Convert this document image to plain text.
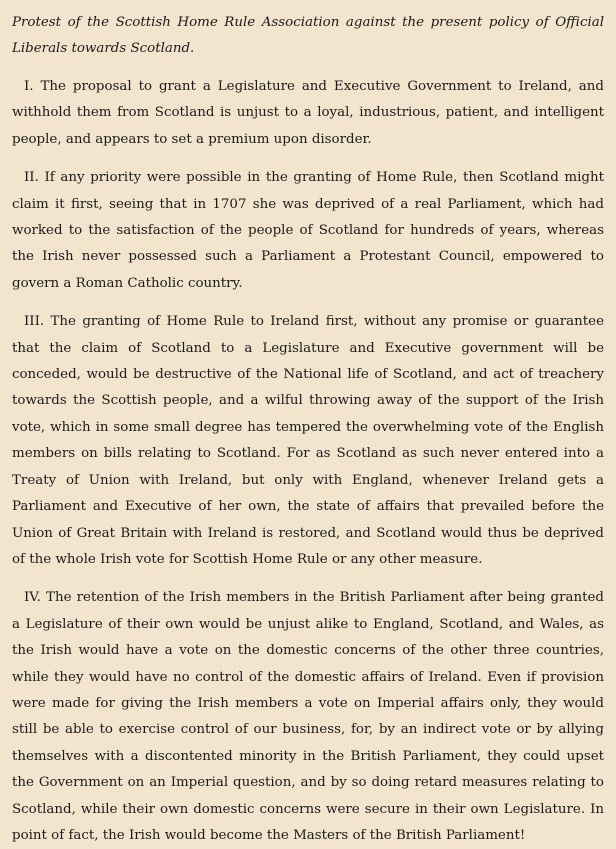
Protest of the Scottish Home Rule Association against the present policy of Official Liberals towards Scotland.

I. The proposal to grant a Legislature and Executive Government to Ireland, and withhold them from Scotland is unjust to a loyal, industrious, patient, and intelligent people, and appears to set a premium upon disorder.

II. If any priority were possible in the granting of Home Rule, then Scotland might claim it first, seeing that in 1707 she was deprived of a real Parliament, which had worked to the satisfaction of the people of Scotland for hundreds of years, whereas the Irish never possessed such a Parliament a Protestant Council, empowered to govern a Roman Catholic country.

III. The granting of Home Rule to Ireland first, without any promise or guarantee that the claim of Scotland to a Legislature and Executive government will be conceded, would be destructive of the National life of Scotland, and act of treachery towards the Scottish people, and a wilful throwing away of the support of the Irish vote, which in some small degree has tempered the overwhelming vote of the English members on bills relating to Scotland. For as Scotland as such never entered into a Treaty of Union with Ireland, but only with England, whenever Ireland gets a Parliament and Executive of her own, the state of affairs that prevailed before the Union of Great Britain with Ireland is restored, and Scotland would thus be deprived of the whole Irish vote for Scottish Home Rule or any other measure.

IV. The retention of the Irish members in the British Parliament after being granted a Legislature of their own would be unjust alike to England, Scotland, and Wales, as the Irish would have a vote on the domestic concerns of the other three countries, while they would have no control of the domestic affairs of Ireland. Even if provision were made for giving the Irish members a vote on Imperial affairs only, they would still be able to exercise control of our business, for, by an indirect vote or by allying themselves with a discontented minority in the British Parliament, they could upset the Government on an Imperial question, and by so doing retard measures relating to Scotland, while their own domestic concerns were secure in their own Legislature. In point of fact, the Irish would become the Masters of the British Parliament!
